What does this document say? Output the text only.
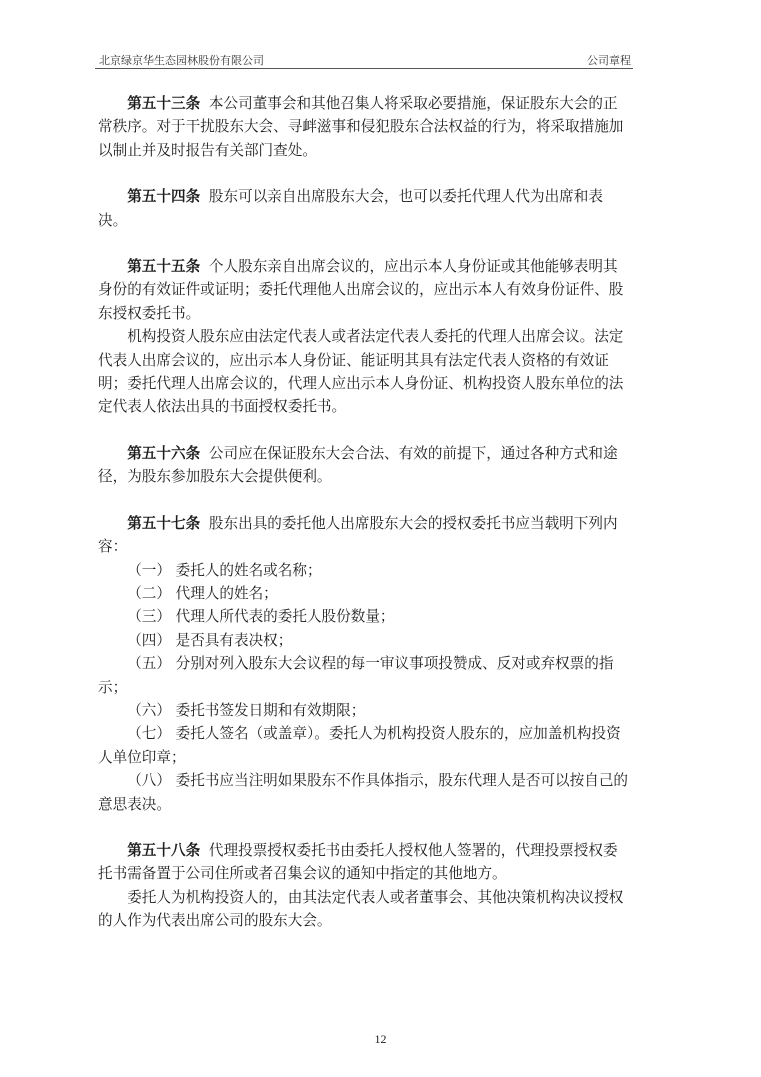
北京绿京华生态园林股份有限公司	公司章程

第五十三条 本公司董事会和其他召集人将采取必要措施，保证股东大会的正常秩序。对于干扰股东大会、寻衅滋事和侵犯股东合法权益的行为，将采取措施加以制止并及时报告有关部门查处。

第五十四条 股东可以亲自出席股东大会，也可以委托代理人代为出席和表决。

第五十五条 个人股东亲自出席会议的，应出示本人身份证或其他能够表明其身份的有效证件或证明；委托代理他人出席会议的，应出示本人有效身份证件、股东授权委托书。

机构投资人股东应由法定代表人或者法定代表人委托的代理人出席会议。法定代表人出席会议的，应出示本人身份证、能证明其具有法定代表人资格的有效证明；委托代理人出席会议的，代理人应出示本人身份证、机构投资人股东单位的法定代表人依法出具的书面授权委托书。

第五十六条 公司应在保证股东大会合法、有效的前提下，通过各种方式和途径，为股东参加股东大会提供便利。

第五十七条 股东出具的委托他人出席股东大会的授权委托书应当载明下列内容：

（一） 委托人的姓名或名称；

（二） 代理人的姓名；

（三） 代理人所代表的委托人股份数量；

（四） 是否具有表决权；

（五） 分别对列入股东大会议程的每一审议事项投赞成、反对或弃权票的指示；

（六） 委托书签发日期和有效期限；

（七） 委托人签名（或盖章）。委托人为机构投资人股东的，应加盖机构投资人单位印章；

（八） 委托书应当注明如果股东不作具体指示，股东代理人是否可以按自己的意思表决。

第五十八条 代理投票授权委托书由委托人授权他人签署的，代理投票授权委托书需备置于公司住所或者召集会议的通知中指定的其他地方。

委托人为机构投资人的，由其法定代表人或者董事会、其他决策机构决议授权的人作为代表出席公司的股东大会。

12
